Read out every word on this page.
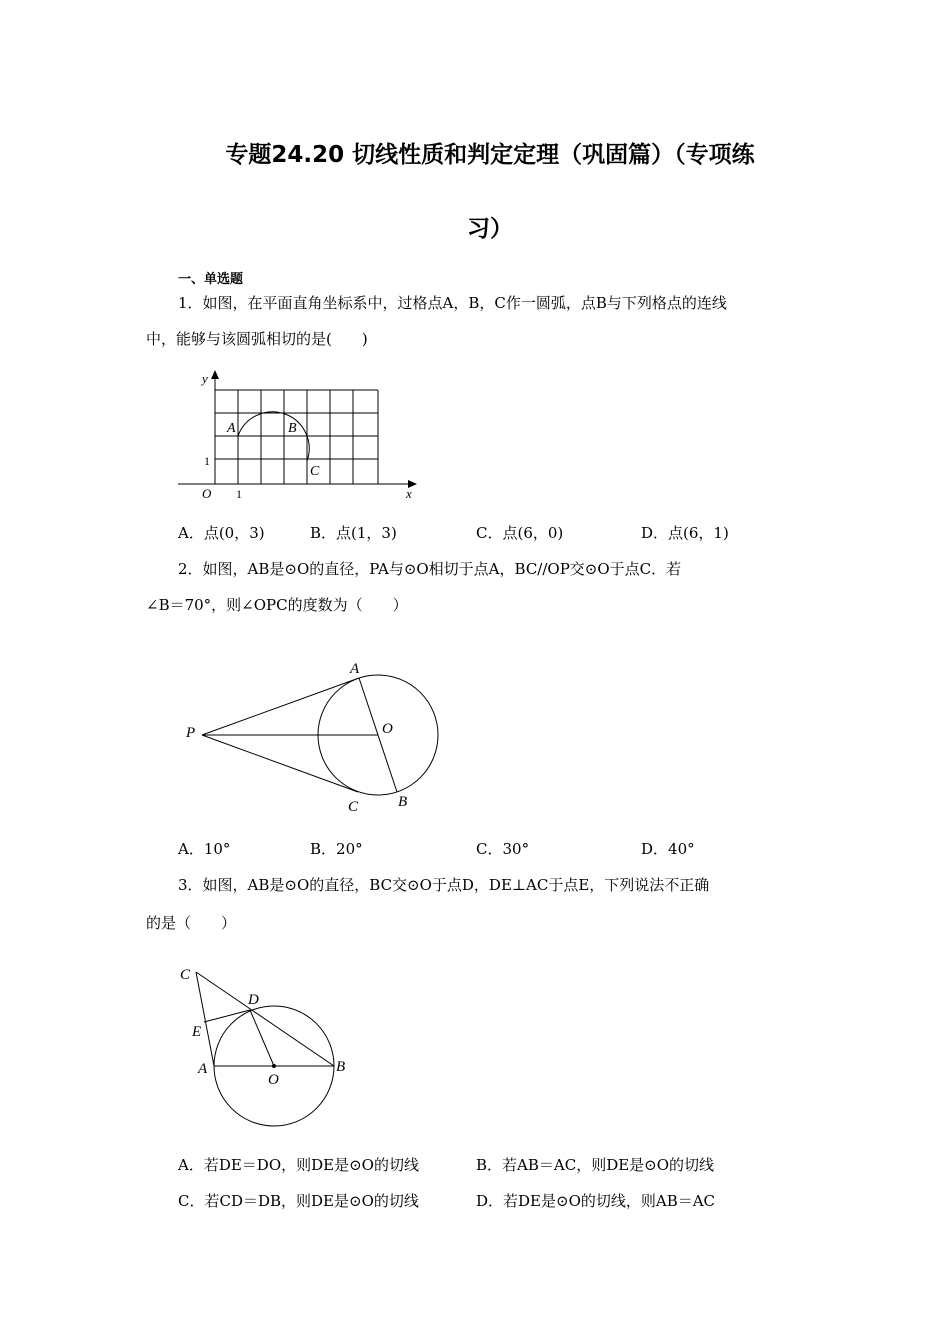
专题24.20 切线性质和判定定理（巩固篇）（专项练
习）
一、单选题
1．如图，在平面直角坐标系中，过格点A，B，C作一圆弧，点B与下列格点的连线
中，能够与该圆弧相切的是(　　)
y
x
O 1
1
A	B
C
A．点(0，3)	B．点(1，3)	C．点(6，0)	D．点(6，1)
2．如图，AB是⊙O的直径，PA与⊙O相切于点A，BC//OP交⊙O于点C．若
∠B＝70°，则∠OPC的度数为（　　）
A
O
P
C	B
A．10°	B．20°	C．30°	D．40°
3．如图，AB是⊙O的直径，BC交⊙O于点D，DE⊥AC于点E，下列说法不正确
的是（　　）
C
D
E
A
O
B
A．若DE＝DO，则DE是⊙O的切线	B．若AB＝AC，则DE是⊙O的切线
C．若CD＝DB，则DE是⊙O的切线	D．若DE是⊙O的切线，则AB＝AC
